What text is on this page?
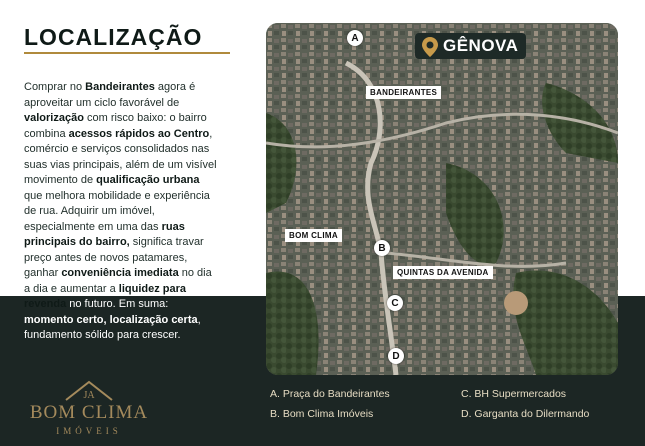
LOCALIZAÇÃO

Comprar no Bandeirantes agora é aproveitar um ciclo favorável de valorização com risco baixo: o bairro combina acessos rápidos ao Centro, comércio e serviços consolidados nas suas vias principais, além de um visível movimento de qualificação urbana que melhora mobilidade e experiência de rua. Adquirir um imóvel, especialmente em uma das ruas principais do bairro, significa travar preço antes de novos patamares, ganhar conveniência imediata no dia a dia e aumentar a liquidez para revenda no futuro. Em suma: momento certo, localização certa, fundamento sólido para crescer.

A
B
C
D
BANDEIRANTES
BOM CLIMA
QUINTAS DA AVENIDA
GÊNOVA
A. Praça do Bandeirantes
B. Bom Clima Imóveis
C. BH Supermercados
D. Garganta do Dilermando
JA
BOM CLIMA
IMÓVEIS
